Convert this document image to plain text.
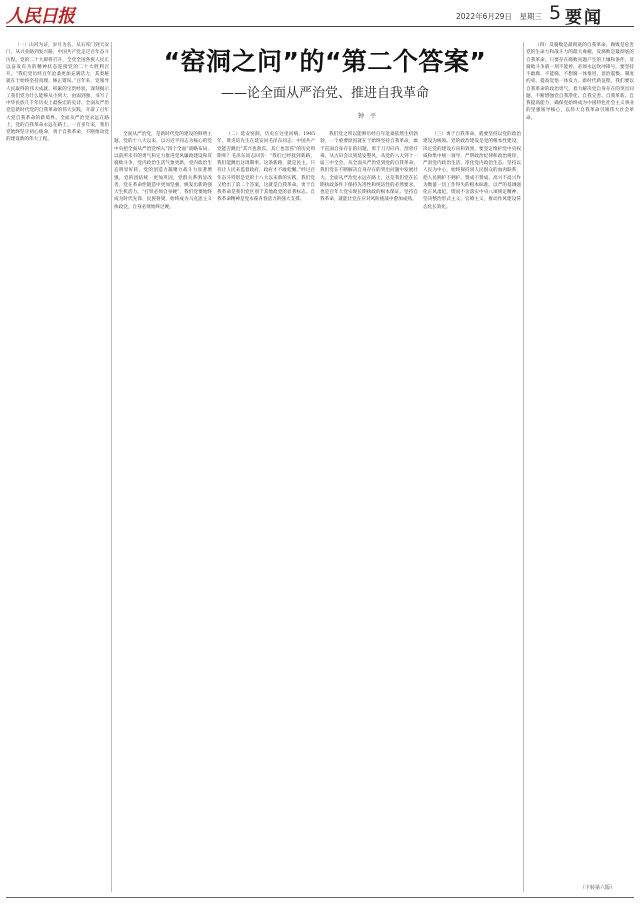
人民日报	2022年6月29日　星期三 5 要闻
“窑洞之问”的“第二个答案”
——论全面从严治党、推进自我革命
钟　平

（一）山河为证，岁月为名。从石库门到天安门，从兴业路到复兴路，中国共产党走过百年奋斗历程。党的二十大即将召开，全党全国各族人民正以奋发有为的精神状态迎接党的二十大胜利召开。“我们党历经百年沧桑更加充满活力，其奥秘就在于始终坚持真理、修正错误。”百年来，党领导人民取得的伟大成就、积累的宝贵经验，深刻揭示了我们党为什么能够从小到大、由弱到强，书写了中华民族几千年历史上最恢宏的史诗。全面从严治党是新时代党的自我革命的伟大实践，开辟了百年大党自我革命的新境界。全面从严治党永远在路上，党的自我革命永远在路上。一百多年来，我们党始终坚守初心使命，勇于自我革命，不断推动党的建设新的伟大工程。

全面从严治党，是新时代党的建设的鲜明主题。党的十八大以来，以习近平同志为核心的党中央把全面从严治党纳入“四个全面”战略布局，以前所未有的勇气和定力推进党风廉政建设和反腐败斗争，党内政治生活气象更新，党内政治生态明显好转，党的创造力凝聚力战斗力显著增强，党的团结统一更加巩固，党群关系明显改善，党在革命性锻造中更加坚强，焕发出新的强大生机活力。“打铁必须自身硬”，我们党要始终成为时代先锋、民族脊梁，始终成为马克思主义执政党，自身必须始终过硬。

（二）延安窑洞，历史在这里回响。1945年，黄炎培先生在延安问毛泽东同志：中国共产党能否跳出“其兴也勃焉，其亡也忽焉”的历史周期率？毛泽东同志回答：“我们已经找到新路，我们能跳出这周期率。这条新路，就是民主。只有让人民来监督政府，政府才不敢松懈。”经过百年奋斗特别是党的十八大以来新的实践，我们党又给出了第二个答案，这就是自我革命。勇于自我革命是我们党区别于其他政党的显著标志。自我革命精神是党永葆青春活力的强大支撑。

我们党之所以能够历经百年沧桑依然生机勃勃，一个重要原因就在于始终坚持自我革命，敢于直面自身存在的问题，勇于刀刃向内、刮骨疗毒。从古田会议到延安整风，从党的八大到十一届三中全会，从全面从严治党到党的自我革命，我们党在不断解决自身存在的突出问题中发展壮大。全面从严治党永远在路上，这是我们党在长期执政条件下保持先进性和纯洁性的必然要求，也是百年大党实现长期执政的根本保证。坚持自我革命，就能让党在应对风险挑战中愈加成熟。

（三）勇于自我革命，就要坚持以党的政治建设为统领。党的政治建设是党的根本性建设，决定党的建设方向和效果。要坚定维护党中央权威和集中统一领导，严明政治纪律和政治规矩，严肃党内政治生活，净化党内政治生态。坚持以人民为中心，始终保持同人民群众的血肉联系，把人民拥护不拥护、赞成不赞成、高兴不高兴作为衡量一切工作得失的根本标准。以严的基调强化正风肃纪，锲而不舍落实中央八项规定精神，坚决整治形式主义、官僚主义，推动作风建设常态化长效化。

（四）反腐败是最彻底的自我革命。腐败是危害党的生命力和战斗力的最大毒瘤，反腐败是最彻底的自我革命。只要存在腐败问题产生的土壤和条件，反腐败斗争就一刻不能停，必须永远吹冲锋号。要坚持不敢腐、不能腐、不想腐一体推进，惩治震慑、制度约束、提高觉悟一体发力。新时代新征程，我们要以自我革命的政治勇气，着力解决党自身存在的突出问题，不断增强党自我净化、自我完善、自我革新、自我提高能力，确保党始终成为中国特色社会主义事业的坚强领导核心，以伟大自我革命引领伟大社会革命。

（下转第六版）
